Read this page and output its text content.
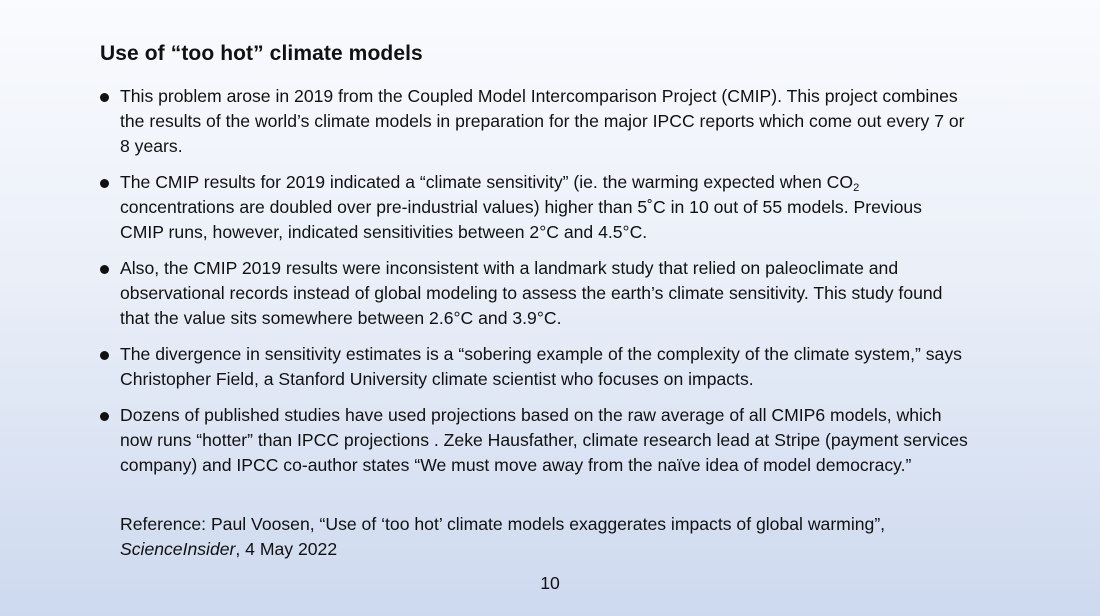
Use of “too hot” climate models
This problem arose in 2019 from the Coupled Model Intercomparison Project (CMIP). This project combines the results of the world’s climate models in preparation for the major IPCC reports which come out every 7 or 8 years.
The CMIP results for 2019 indicated a “climate sensitivity” (ie. the warming expected when $CO_2$ concentrations are doubled over pre-industrial values) higher than 5˚C in 10 out of 55 models. Previous CMIP runs, however, indicated sensitivities between 2°C and 4.5°C.
Also, the CMIP 2019 results were inconsistent with a landmark study that relied on paleoclimate and observational records instead of global modeling to assess the earth’s climate sensitivity. This study found that the value sits somewhere between 2.6°C and 3.9°C.
The divergence in sensitivity estimates is a “sobering example of the complexity of the climate system,” says Christopher Field, a Stanford University climate scientist who focuses on impacts.
Dozens of published studies have used projections based on the raw average of all CMIP6 models, which now runs “hotter” than IPCC projections . Zeke Hausfather, climate research lead at Stripe (payment services company) and IPCC co-author states “We must move away from the naïve idea of model democracy.”
Reference: Paul Voosen, “Use of ‘too hot’ climate models exaggerates impacts of global warming”,
ScienceInsider, 4 May 2022
10
